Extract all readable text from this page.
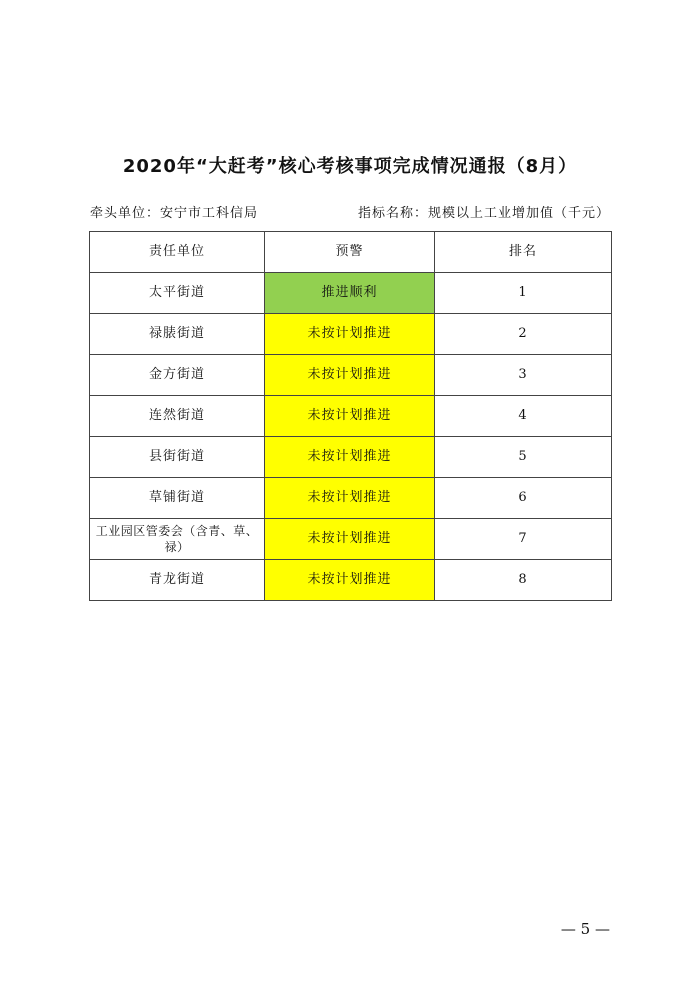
2020年“大赶考”核心考核事项完成情况通报（8月）
牵头单位：安宁市工科信局	指标名称：规模以上工业增加值（千元）
责任单位	预警	排名
太平街道	推进顺利	1
禄脿街道	未按计划推进	2
金方街道	未按计划推进	3
连然街道	未按计划推进	4
县街街道	未按计划推进	5
草铺街道	未按计划推进	6
工业园区管委会（含青、草、禄）	未按计划推进	7
青龙街道	未按计划推进	8
— 5 —
